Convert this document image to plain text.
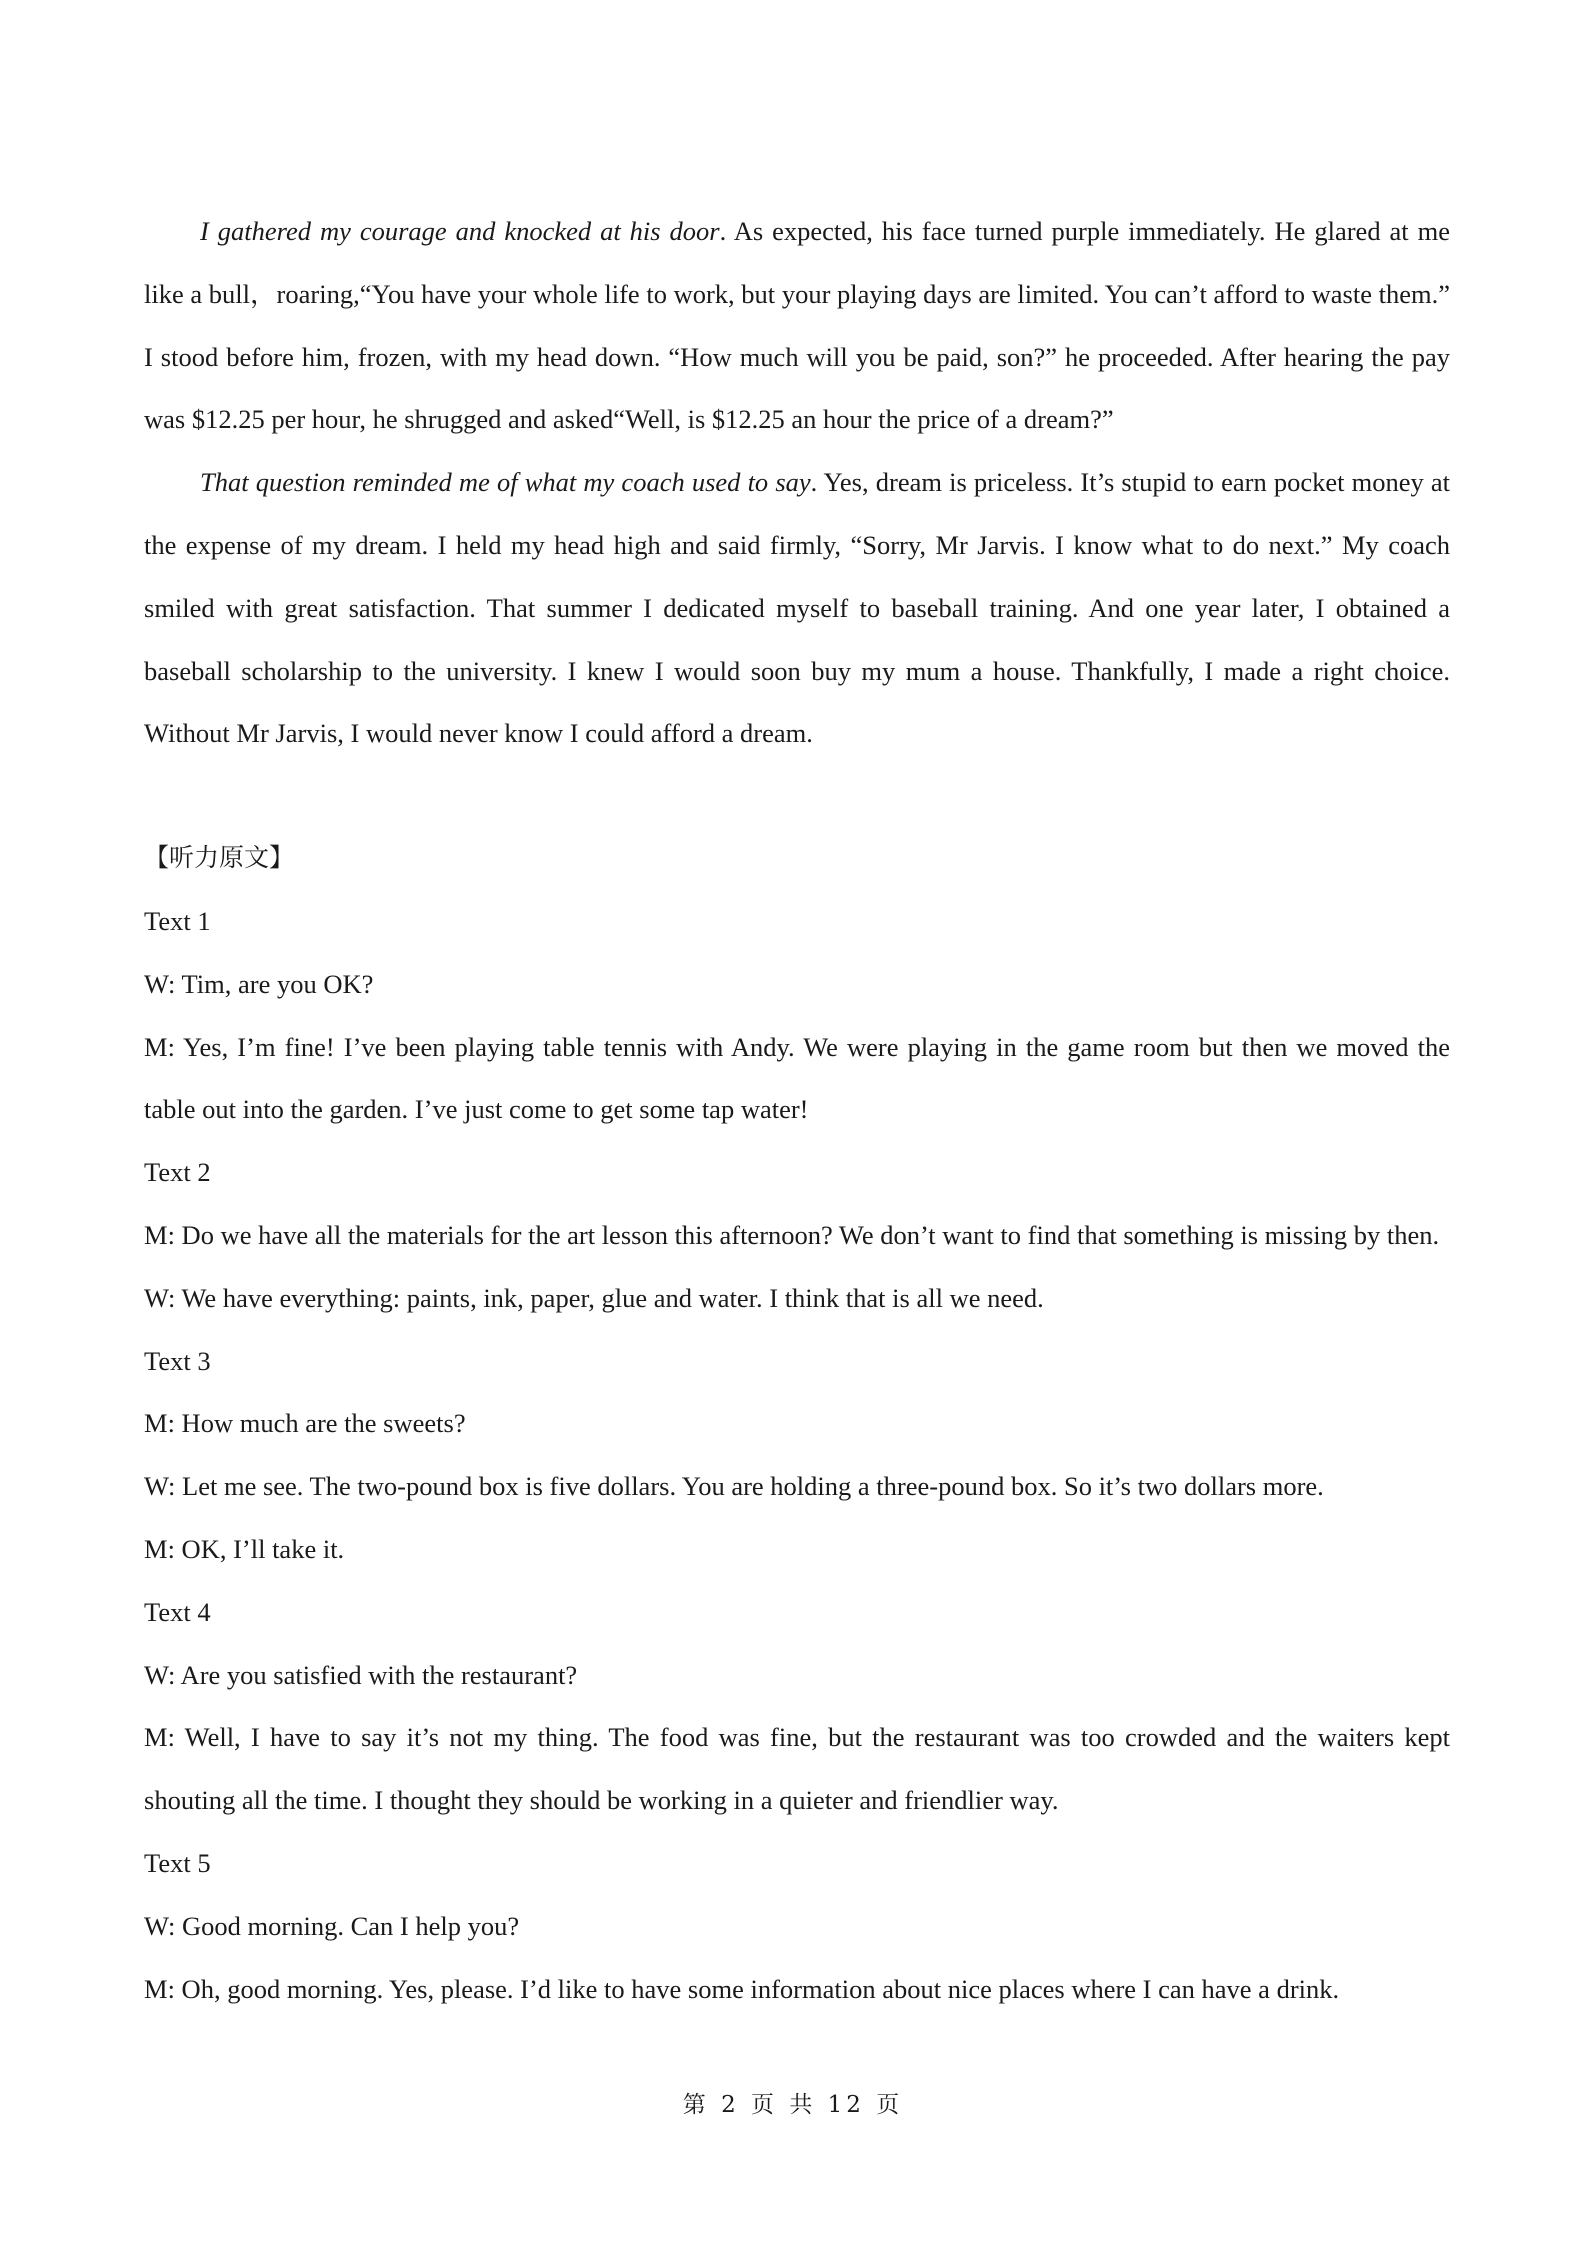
I gathered my courage and knocked at his door. As expected, his face turned purple immediately. He glared at me like a bull，roaring,“You have your whole life to work, but your playing days are limited. You can’t afford to waste them.” I stood before him, frozen, with my head down. “How much will you be paid, son?” he proceeded. After hearing the pay was $12.25 per hour, he shrugged and asked“Well, is $12.25 an hour the price of a dream?”

That question reminded me of what my coach used to say. Yes, dream is priceless. It’s stupid to earn pocket money at the expense of my dream. I held my head high and said firmly, “Sorry, Mr Jarvis. I know what to do next.” My coach smiled with great satisfaction. That summer I dedicated myself to baseball training. And one year later, I obtained a baseball scholarship to the university. I knew I would soon buy my mum a house. Thankfully, I made a right choice. Without Mr Jarvis, I would never know I could afford a dream.

【听力原文】

Text 1

W: Tim, are you OK?

M: Yes, I’m fine! I’ve been playing table tennis with Andy. We were playing in the game room but then we moved the table out into the garden. I’ve just come to get some tap water!

Text 2

M: Do we have all the materials for the art lesson this afternoon? We don’t want to find that something is missing by then.

W: We have everything: paints, ink, paper, glue and water. I think that is all we need.

Text 3

M: How much are the sweets?

W: Let me see. The two-pound box is five dollars. You are holding a three-pound box. So it’s two dollars more.

M: OK, I’ll take it.

Text 4

W: Are you satisfied with the restaurant?

M: Well, I have to say it’s not my thing. The food was fine, but the restaurant was too crowded and the waiters kept shouting all the time. I thought they should be working in a quieter and friendlier way.

Text 5

W: Good morning. Can I help you?

M: Oh, good morning. Yes, please. I’d like to have some information about nice places where I can have a drink.

第 2 页 共 12 页
